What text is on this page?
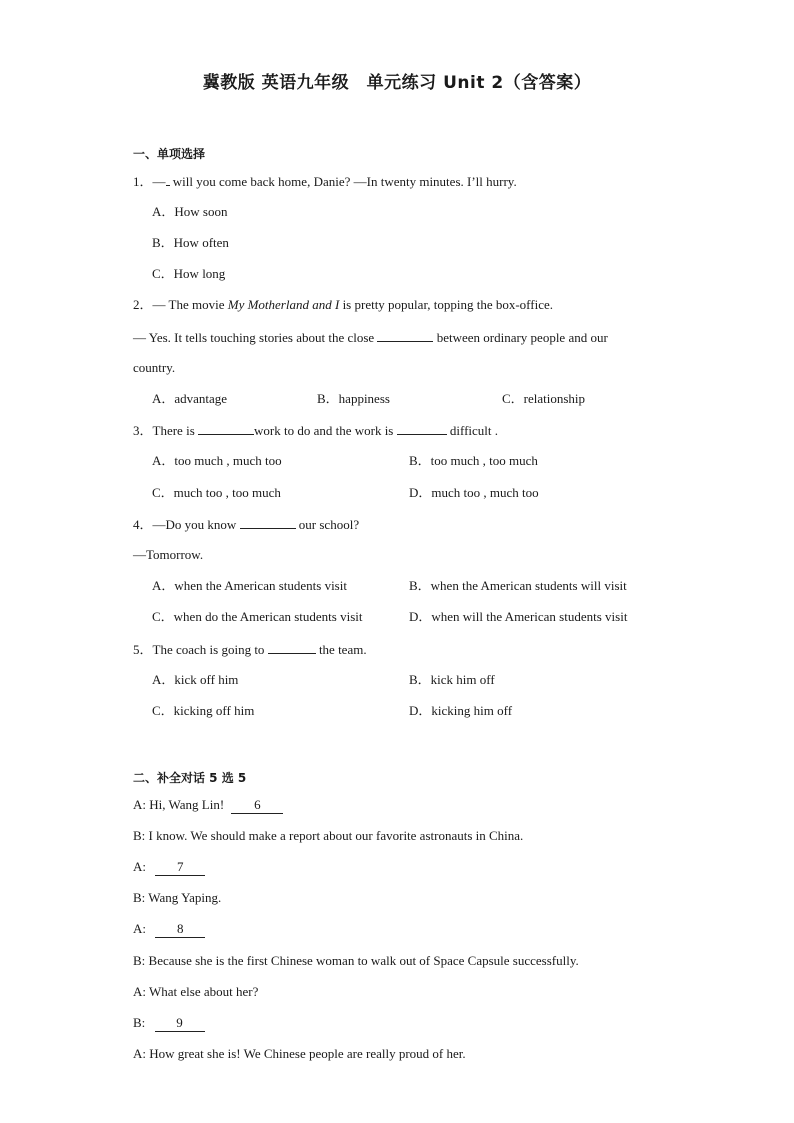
冀教版 英语九年级　单元练习 Unit 2（含答案）
一、单项选择
1．— will you come back home, Danie? —In twenty minutes. I’ll hurry.
A．How soon
B．How often
C．How long
2．— The movie My Motherland and I is pretty popular, topping the box-office.
— Yes. It tells touching stories about the close	between ordinary people and our
country.
A．advantage	B．happiness	C．relationship
3．There is	work to do and the work is	difficult .
A．too much , much too	B．too much , too much
C．much too , too much	D．much too , much too
4．—Do you know	our school?
—Tomorrow.
A．when the American students visit	B．when the American students will visit
C．when do the American students visit	D．when will the American students visit
5．The coach is going to	the team.
A．kick off him	B．kick him off
C．kicking off him	D．kicking him off
二、补全对话 5 选 5
A: Hi, Wang Lin! 6
B: I know. We should make a report about our favorite astronauts in China.
A: 7
B: Wang Yaping.
A: 8
B: Because she is the first Chinese woman to walk out of Space Capsule successfully.
A: What else about her?
B: 9
A: How great she is! We Chinese people are really proud of her.
